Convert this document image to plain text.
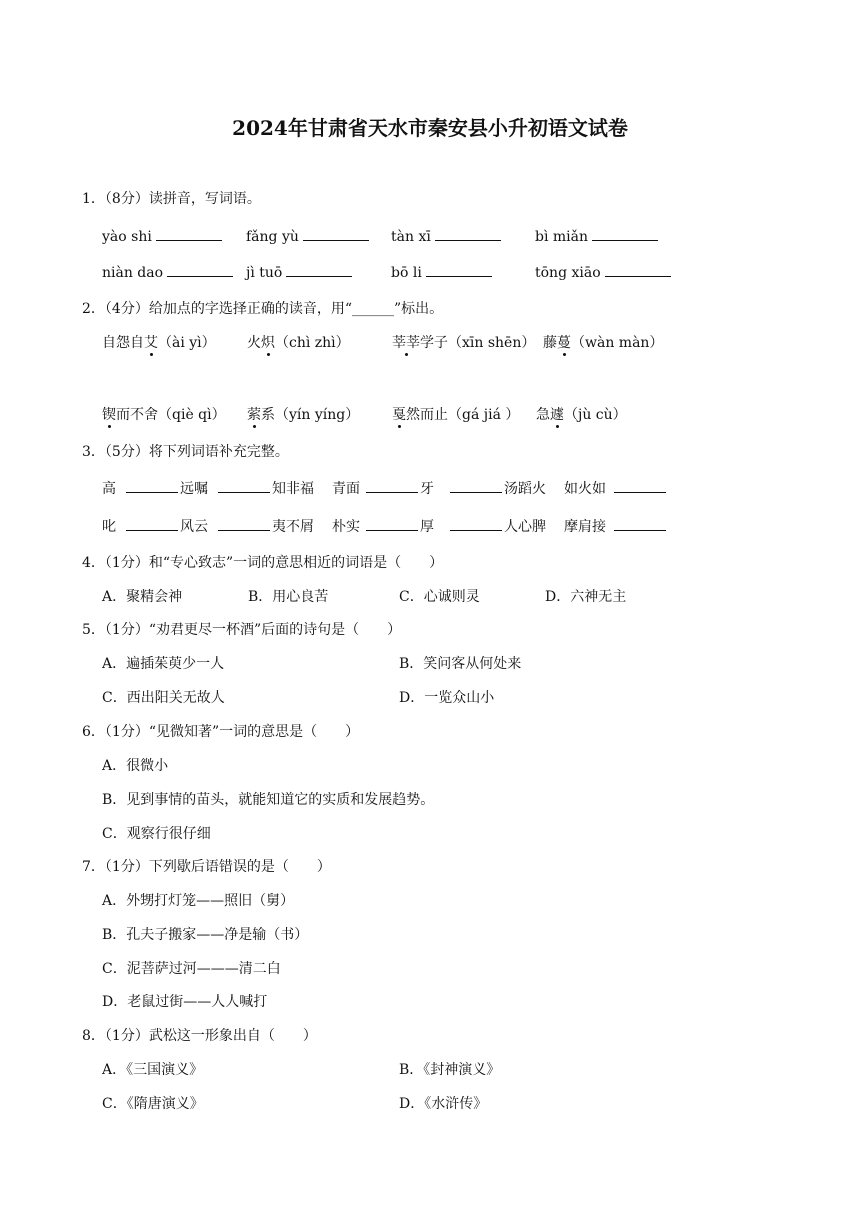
2024年甘肃省天水市秦安县小升初语文试卷
1．（8分）读拼音，写词语。
yào shi	fǎng yù	tàn xī	bì miǎn
niàn dao	jì tuō	bō li	tōng xiāo
2．（4分）给加点的字选择正确的读音，用“______”标出。
自怨自艾（ài yì） 火炽（chì zhì）	莘莘学子（xīn shēn） 藤蔓（wàn màn）
锲而不舍（qiè qì） 萦系（yín yíng） 戛然而止（gá jiá ） 急遽（jù cù）
3．（5分）将下列词语补充完整。
高	远嘱	知非福 青面	牙	汤蹈火 如火如
叱	风云	夷不屑 朴实	厚	人心脾 摩肩接
4．（1分）和“专心致志”一词的意思相近的词语是（　　）
A．聚精会神	B．用心良苦	C．心诚则灵	D．六神无主
5．（1分）“劝君更尽一杯酒”后面的诗句是（　　）
A．遍插茱萸少一人	B．笑问客从何处来
C．西出阳关无故人	D．一览众山小
6．（1分）“见微知著”一词的意思是（　　）
A．很微小
B．见到事情的苗头，就能知道它的实质和发展趋势。
C．观察行很仔细
7．（1分）下列歇后语错误的是（　　）
A．外甥打灯笼——照旧（舅）
B．孔夫子搬家——净是输（书）
C．泥菩萨过河———清二白
D．老鼠过街——人人喊打
8．（1分）武松这一形象出自（　　）
A．《三国演义》	B．《封神演义》
C．《隋唐演义》	D．《水浒传》
